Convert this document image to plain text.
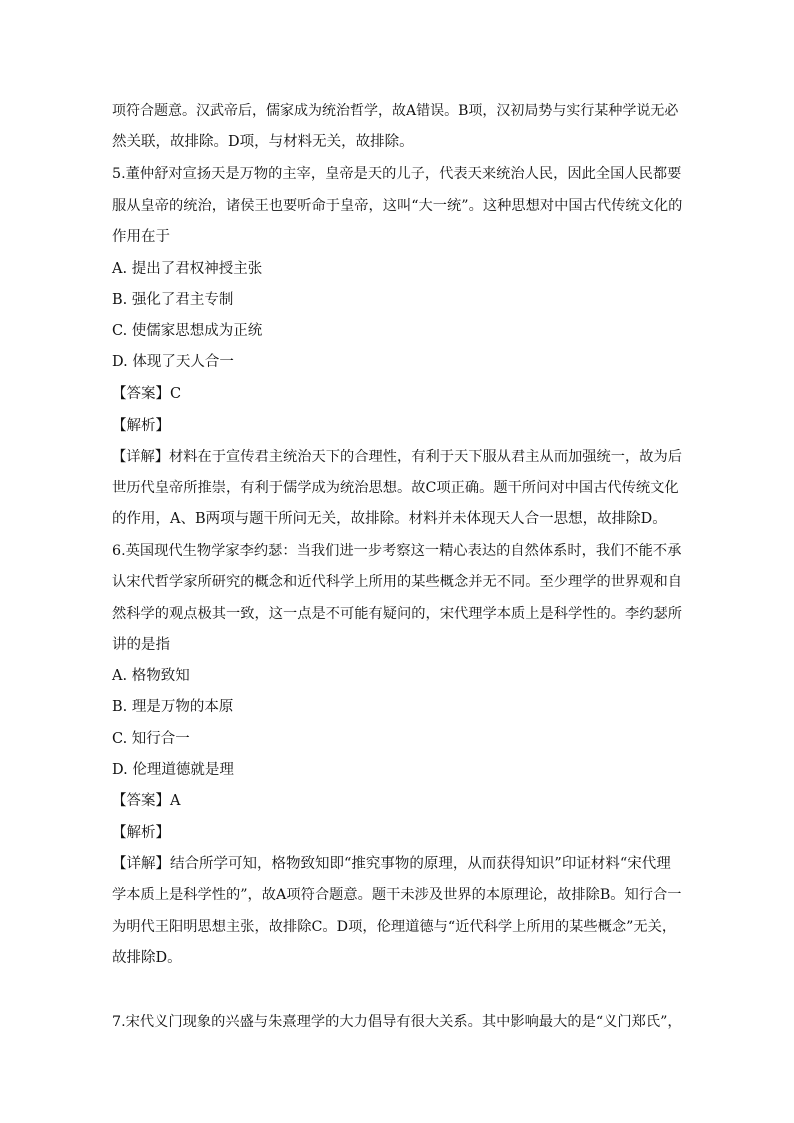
项符合题意。汉武帝后，儒家成为统治哲学，故A错误。B项，汉初局势与实行某种学说无必
然关联，故排除。D项，与材料无关，故排除。
5.董仲舒对宣扬天是万物的主宰，皇帝是天的儿子，代表天来统治人民，因此全国人民都要
服从皇帝的统治，诸侯王也要听命于皇帝，这叫“大一统”。这种思想对中国古代传统文化的
作用在于
A. 提出了君权神授主张
B. 强化了君主专制
C. 使儒家思想成为正统
D. 体现了天人合一
【答案】C
【解析】
【详解】材料在于宣传君主统治天下的合理性，有利于天下服从君主从而加强统一，故为后
世历代皇帝所推崇，有利于儒学成为统治思想。故C项正确。题干所问对中国古代传统文化
的作用，A、B两项与题干所问无关，故排除。材料并未体现天人合一思想，故排除D。
6.英国现代生物学家李约瑟：当我们进一步考察这一精心表达的自然体系时，我们不能不承
认宋代哲学家所研究的概念和近代科学上所用的某些概念并无不同。至少理学的世界观和自
然科学的观点极其一致，这一点是不可能有疑问的，宋代理学本质上是科学性的。李约瑟所
讲的是指
A. 格物致知
B. 理是万物的本原
C. 知行合一
D. 伦理道德就是理
【答案】A
【解析】
【详解】结合所学可知，格物致知即“推究事物的原理，从而获得知识”印证材料“宋代理
学本质上是科学性的”，故A项符合题意。题干未涉及世界的本原理论，故排除B。知行合一
为明代王阳明思想主张，故排除C。D项，伦理道德与“近代科学上所用的某些概念”无关，
故排除D。
7.宋代义门现象的兴盛与朱熹理学的大力倡导有很大关系。其中影响最大的是“义门郑氏”，
